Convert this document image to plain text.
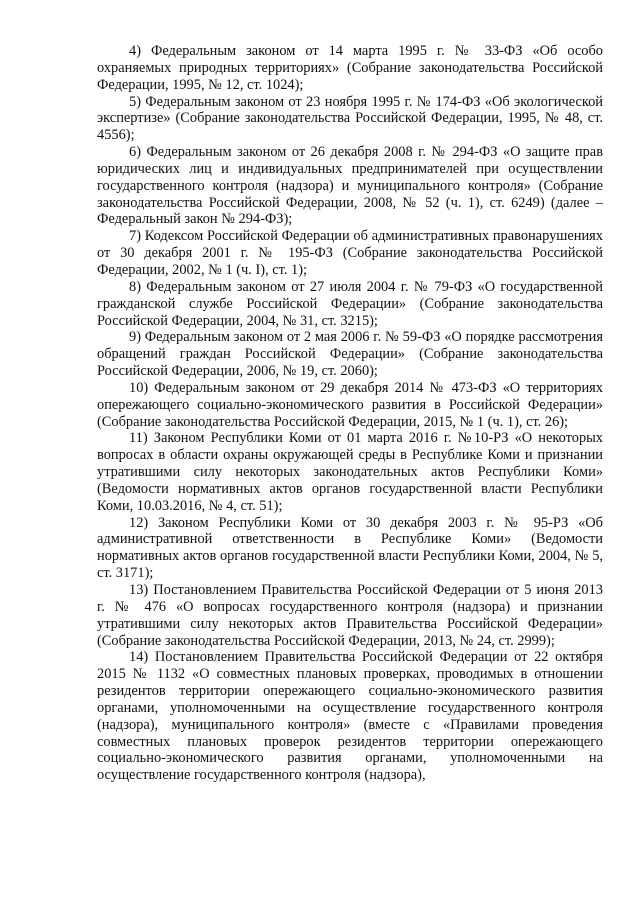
4) Федеральным законом от 14 марта 1995 г. № 33-ФЗ «Об особо охраняемых природных территориях» (Собрание законодательства Российской Федерации, 1995, № 12, ст. 1024);

5) Федеральным законом от 23 ноября 1995 г. № 174-ФЗ «Об экологической экспертизе» (Собрание законодательства Российской Федерации, 1995, № 48, ст. 4556);

6) Федеральным законом от 26 декабря 2008 г. № 294-ФЗ «О защите прав юридических лиц и индивидуальных предпринимателей при осуществлении государственного контроля (надзора) и муниципального контроля» (Собрание законодательства Российской Федерации, 2008, № 52 (ч. 1), ст. 6249) (далее – Федеральный закон № 294-ФЗ);

7) Кодексом Российской Федерации об административных правонарушениях от 30 декабря 2001 г. № 195-ФЗ (Собрание законодательства Российской Федерации, 2002, № 1 (ч. I), ст. 1);

8) Федеральным законом от 27 июля 2004 г. № 79-ФЗ «О государственной гражданской службе Российской Федерации» (Собрание законодательства Российской Федерации, 2004, № 31, ст. 3215);

9) Федеральным законом от 2 мая 2006 г. № 59-ФЗ «О порядке рассмотрения обращений граждан Российской Федерации» (Собрание законодательства Российской Федерации, 2006, № 19, ст. 2060);

10) Федеральным законом от 29 декабря 2014 № 473-ФЗ «О территориях опережающего социально-экономического развития в Российской Федерации» (Собрание законодательства Российской Федерации, 2015, № 1 (ч. 1), ст. 26);

11) Законом Республики Коми от 01 марта 2016 г. №10-РЗ «О некоторых вопросах в области охраны окружающей среды в Республике Коми и признании утратившими силу некоторых законодательных актов Республики Коми» (Ведомости нормативных актов органов государственной власти Республики Коми, 10.03.2016, № 4, ст. 51);

12) Законом Республики Коми от 30 декабря 2003 г. № 95-РЗ «Об административной ответственности в Республике Коми» (Ведомости нормативных актов органов государственной власти Республики Коми, 2004, № 5, ст. 3171);

13) Постановлением Правительства Российской Федерации от 5 июня 2013 г. № 476 «О вопросах государственного контроля (надзора) и признании утратившими силу некоторых актов Правительства Российской Федерации» (Собрание законодательства Российской Федерации, 2013, № 24, ст. 2999);

14) Постановлением Правительства Российской Федерации от 22 октября 2015 № 1132 «О совместных плановых проверках, проводимых в отношении резидентов территории опережающего социально-экономического развития органами, уполномоченными на осуществление государственного контроля (надзора), муниципального контроля» (вместе с «Правилами проведения совместных плановых проверок резидентов территории опережающего социально-экономического развития органами, уполномоченными на осуществление государственного контроля (надзора),
